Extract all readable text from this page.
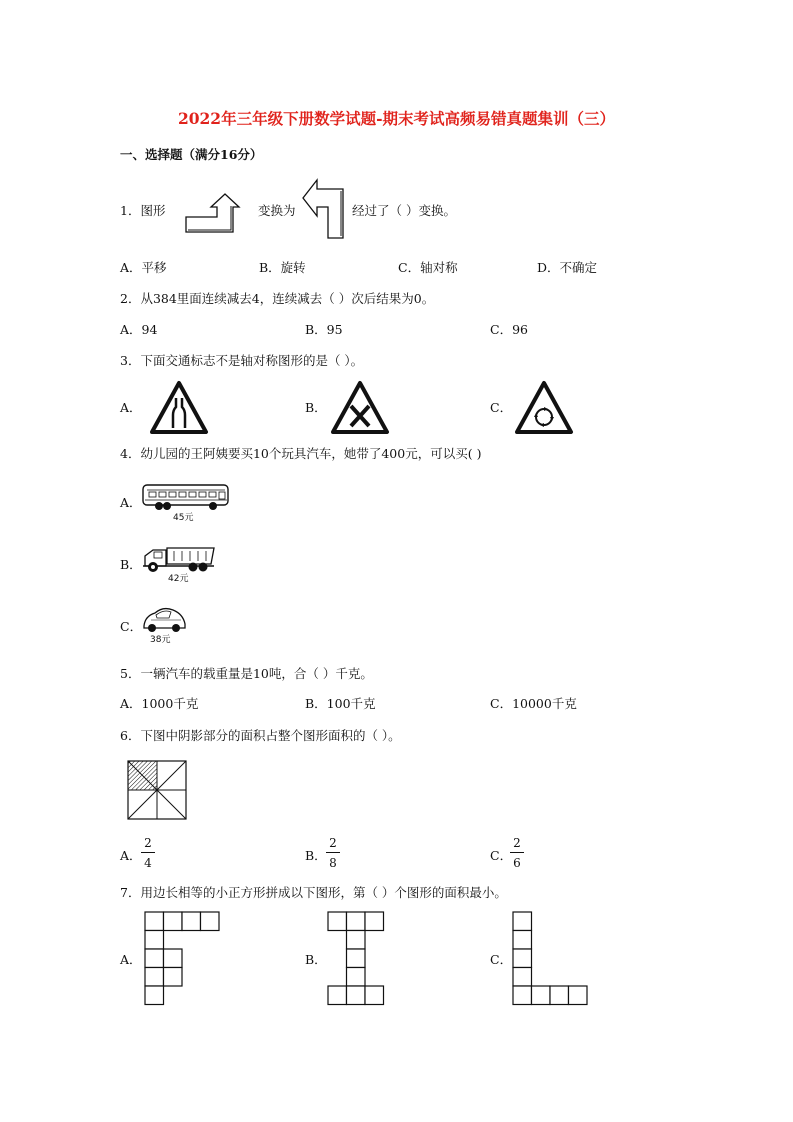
2022年三年级下册数学试题-期末考试高频易错真题集训（三）
一、选择题（满分16分）
1．图形	变换为	经过了（ ）变换。
A．平移	B．旋转	C．轴对称	D．不确定
2．从384里面连续减去4，连续减去（ ）次后结果为0。
A．94	B．95	C．96
3．下面交通标志不是轴对称图形的是（ ）。
A．	B．	C．
4．幼儿园的王阿姨要买10个玩具汽车，她带了400元，可以买( )
A．
45元
B．
42元
C．
38元
5．一辆汽车的载重量是10吨，合（ ）千克。
A．1000千克	B．100千克	C．10000千克
6．下图中阴影部分的面积占整个图形面积的（ ）。
A．
2
4	B．
2
8	C．
2
6
7．用边长相等的小正方形拼成以下图形，第（ ）个图形的面积最小。
A．	B．	C．
